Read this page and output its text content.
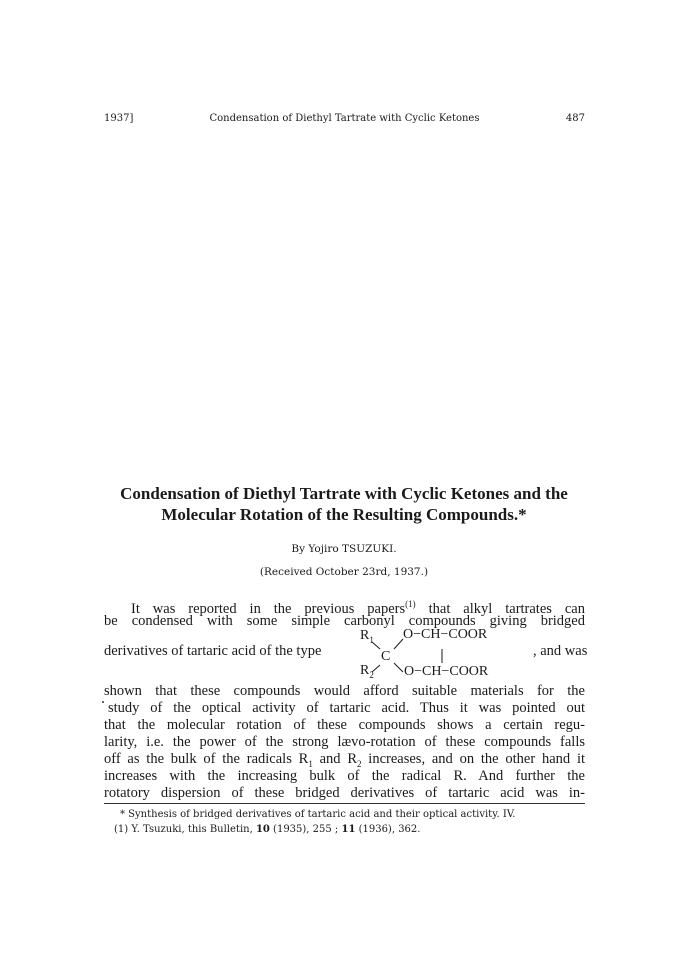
1937]	Condensation of Diethyl Tartrate with Cyclic Ketones	487
Condensation of Diethyl Tartrate with Cyclic Ketones and the
Molecular Rotation of the Resulting Compounds.*
By Yojiro TSUZUKI.
(Received October 23rd, 1937.)
It was reported in the previous papers$^{(1)}$ that alkyl tartrates can
be condensed with some simple carbonyl compounds giving bridged
derivatives of tartaric acid of the type
$R_1$
C
$R_2$
O−CH−COOR
O−CH−COOR
, and was
shown that these compounds would afford suitable materials for the
study of the optical activity of tartaric acid. Thus it was pointed out
that the molecular rotation of these compounds shows a certain regu-
larity, i.e. the power of the strong lævo-rotation of these compounds falls
off as the bulk of the radicals $R_1$ and $R_2$ increases, and on the other hand it
increases with the increasing bulk of the radical R. And further the
rotatory dispersion of these bridged derivatives of tartaric acid was in-
* Synthesis of bridged derivatives of tartaric acid and their optical activity. IV.
(1) Y. Tsuzuki, this Bulletin, 10 (1935), 255 ; 11 (1936), 362.
